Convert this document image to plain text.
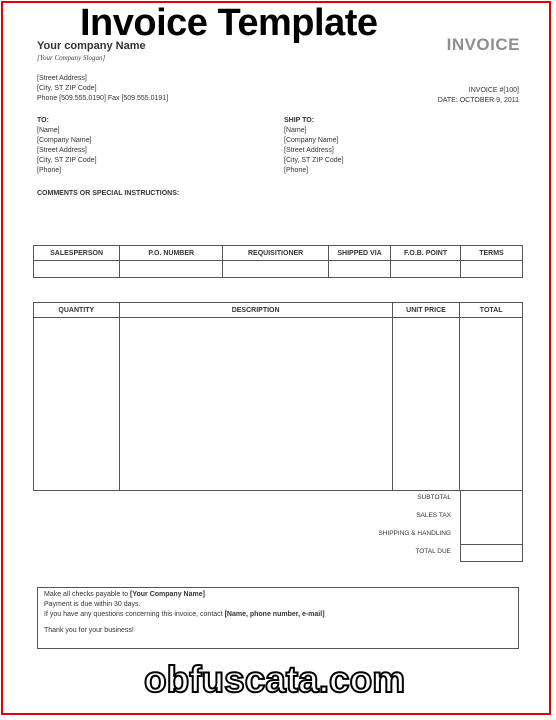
Invoice Template
Your company Name
[Your Company Slogan]
INVOICE
[Street Address]
[City, ST ZIP Code]
Phone [509.555.0190] Fax [509.555.0191]
INVOICE #[100]
DATE: OCTOBER 9, 2011
TO:
[Name]
[Company Name]
[Street Address]
[City, ST ZIP Code]
[Phone]
SHIP TO:
[Name]
[Company Name]
[Street Address]
[City, ST ZIP Code]
[Phone]
COMMENTS OR SPECIAL INSTRUCTIONS:
SALESPERSON	P.O. NUMBER	REQUISITIONER	SHIPPED VIA	F.O.B. POINT	TERMS

QUANTITY	DESCRIPTION	UNIT PRICE	TOTAL

SUBTOTAL
SALES TAX
SHIPPING & HANDLING
TOTAL DUE
Make all checks payable to [Your Company Name]
Payment is due within 30 days.
If you have any questions concerning this invoice, contact [Name, phone number, e-mail]
Thank you for your business!
obfuscata.com
